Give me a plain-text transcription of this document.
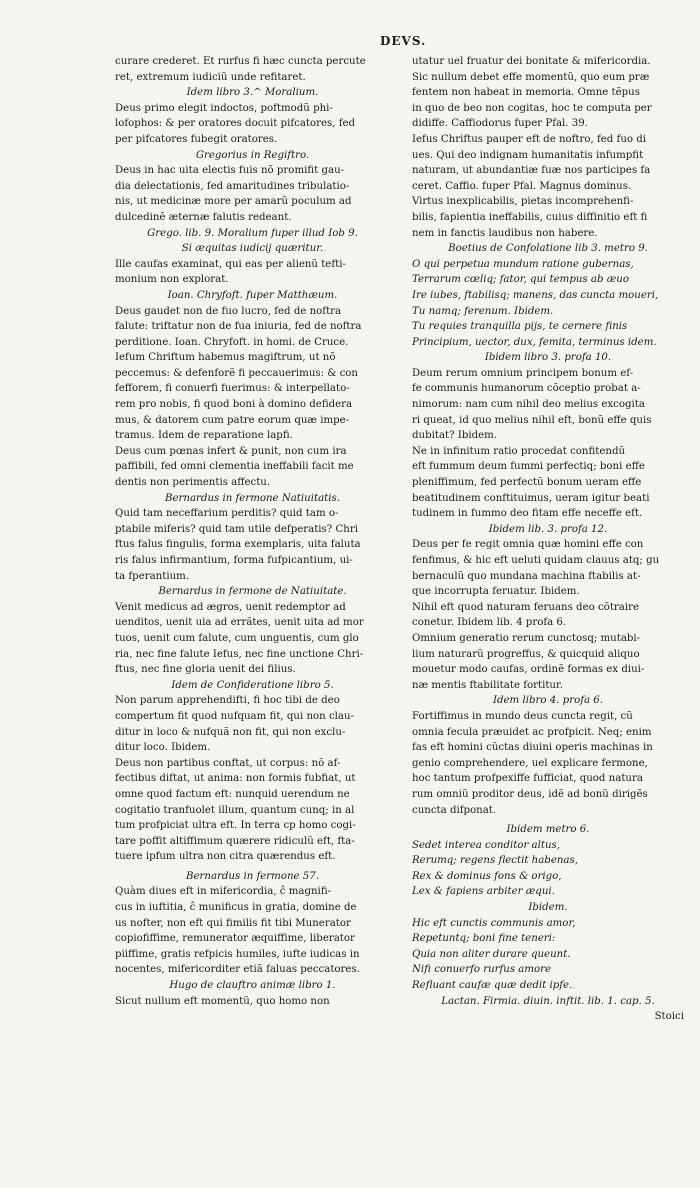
DEVS.
curare crederet. Et rurfus fi hæc cuncta percute
ret, extremum iudiciũ unde refitaret.
Idem libro 3.^ Moralium.
Deus primo elegit indoctos, poftmodũ phi-
lofophos: & per oratores docuit pifcatores, fed
per pifcatores fubegit oratores.
Gregorius in Regiftro.
Deus in hac uita electis fuis nõ promifit gau-
dia delectationis, fed amaritudines tribulatio-
nis, ut medicinæ more per amarũ poculum ad
dulcedinẽ æternæ falutis redeant.
Grego. lib. 9. Moralium fuper illud Iob 9.
Si æquitas iudicij quæritur.
Ille caufas examinat, qui eas per alienũ tefti-
monium non explorat.
Ioan. Chryfoft. fuper Matthæum.
Deus gaudet non de fuo lucro, fed de noftra
falute: triftatur non de fua iniuria, fed de noftra
perditione. Ioan. Chryfoft. in homi. de Cruce.
Iefum Chriftum habemus magiftrum, ut nõ
peccemus: & defenforẽ fi peccauerimus: & con
fefforem, fi conuerfi fuerimus: & interpellato-
rem pro nobis, fi quod boni à domino defidera
mus, & datorem cum patre eorum quæ impe-
tramus. Idem de reparatione lapfi.
Deus cum pœnas infert & punit, non cum ira
paffibili, fed omni clementia ineffabili facit me
dentis non perimentis affectu.
Bernardus in fermone Natiuitatis.
Quid tam neceffarium perditis? quid tam o-
ptabile miferis? quid tam utile defperatis? Chri
ftus falus fingulis, forma exemplaris, uita faluta
ris falus infirmantium, forma fufpicantium, ui-
ta fperantium.
Bernardus in fermone de Natiuitate.
Venit medicus ad ægros, uenit redemptor ad
uenditos, uenit uia ad errãtes, uenit uita ad mor
tuos, uenit cum falute, cum unguentis, cum glo
ria, nec fine falute Iefus, nec fine unctione Chri-
ftus, nec fine gloria uenit dei filius.
Idem de Confideratione libro 5.
Non parum apprehendifti, fi hoc tibi de deo
compertum fit quod nufquam fit, qui non clau-
ditur in loco & nufquã non fit, qui non exclu-
ditur loco. Ibidem.
Deus non partibus conftat, ut corpus: nõ af-
fectibus diftat, ut anima: non formis fubfiat, ut
omne quod factum eft: nunquid uerendum ne
cogitatio tranfuolet illum, quantum cunq; in al
tum profpiciat ultra eft. In terra cp homo cogi-
tare poffit altiffimum quærere ridiculũ eft, fta-
tuere ipfum ultra non citra quærendus eft.
Bernardus in fermone 57.
Quàm diues eft in mifericordia, ĉ magnifi-
cus in iuftitia, ĉ munificus in gratia, domine de
us nofter, non eft qui fimilis fit tibi Munerator
copiofiffime, remunerator æquiffime, liberator
piiffime, gratis refpicis humiles, iufte iudicas in
nocentes, mifericorditer etiã faluas peccatores.
Hugo de clauftro animæ libro 1.
Sicut nullum eft momentũ, quo homo non
utatur uel fruatur dei bonitate & mifericordia.
Sic nullum debet effe momentũ, quo eum præ
fentem non habeat in memoria. Omne tẽpus
in quo de beo non cogitas, hoc te computa per
didiffe. Caffiodorus fuper Pfal. 39.
Iefus Chriftus pauper eft de noftro, fed fuo di
ues. Qui deo indignam humanitatis infumpfit
naturam, ut abundantiæ fuæ nos participes fa
ceret. Caffio. fuper Pfal. Magnus dominus.
Virtus inexplicabilis, pietas incomprehenfi-
bilis, fapientia ineffabilis, cuius diffinitio eft fi
nem in fanctis laudibus non habere.
Boetius de Confolatione lib 3. metro 9.
O qui perpetua mundum ratione gubernas,
Terrarum cœliq; fator, qui tempus ab æuo
Ire iubes, ftabilisq; manens, das cuncta moueri,
Tu namq; ferenum. Ibidem.
Tu requies tranquilla pijs, te cernere finis
Principium, uector, dux, femita, terminus idem.
Ibidem libro 3. profa 10.
Deum rerum omnium principem bonum ef-
fe communis humanorum cõceptio probat a-
nimorum: nam cum nihil deo melius excogita
ri queat, id quo melius nihil eft, bonũ effe quis
dubitat? Ibidem.
Ne in infinitum ratio procedat confitendũ
eft fummum deum fummi perfectiq; boni effe
pleniffimum, fed perfectũ bonum ueram effe
beatitudinem conftituimus, ueram igitur beati
tudinem in fummo deo fitam effe neceffe eft.
Ibidem lib. 3. profa 12.
Deus per fe regit omnia quæ homini effe con
fenfimus, & hic eft ueluti quidam clauus atq; gu
bernaculũ quo mundana machina ftabilis at-
que incorrupta feruatur. Ibidem.
Nihil eft quod naturam feruans deo cõtraire
conetur. Ibidem lib. 4 profa 6.
Omnium generatio rerum cunctosq; mutabi-
lium naturarũ progreffus, & quicquid aliquo
mouetur modo caufas, ordinẽ formas ex diui-
næ mentis ftabilitate fortitur.
Idem libro 4. profa 6.
Fortiffimus in mundo deus cuncta regit, cũ
omnia fecula præuidet ac profpicit. Neq; enim
fas eft homini cũctas diuini operis machinas in
genio comprehendere, uel explicare fermone,
hoc tantum profpexiffe fufficiat, quod natura
rum omniũ proditor deus, idẽ ad bonũ dirigẽs
cuncta difponat.
Ibidem metro 6.
Sedet interea conditor altus,
Rerumq; regens flectit habenas,
Rex & dominus fons & origo,
Lex & fapiens arbiter æqui.
Ibidem.
Hic eft cunctis communis amor,
Repetuntq; boni fine teneri:
Quia non aliter durare queunt.
Nifi conuerfo rurfus amore
Refluant caufæ quæ dedit ipfe.
Lactan. Firmia. diuin. inftit. lib. 1. cap. 5.
Stoici
